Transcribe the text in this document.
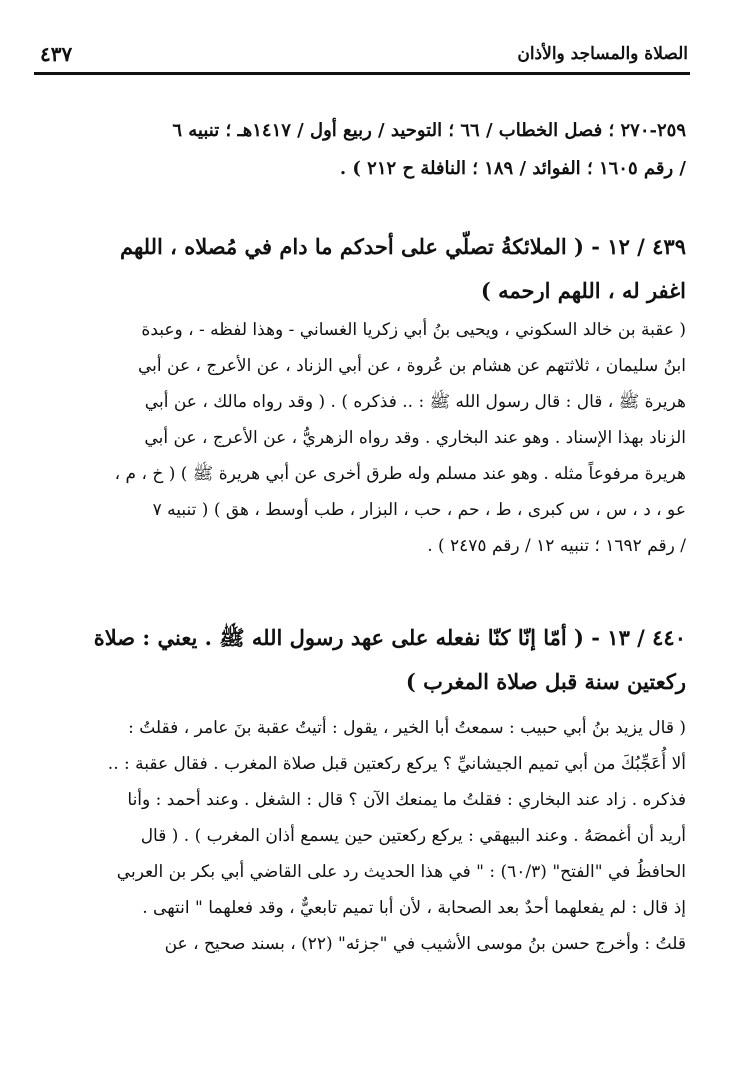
الصلاة والمساجد والأذان
٤٣٧
٢٥٩-٢٧٠ ؛ فصل الخطاب / ٦٦ ؛ التوحيد / ربيع أول / ١٤١٧هـ ؛ تنبيه ٦
/ رقم ١٦٠٥ ؛ الفوائد / ١٨٩ ؛ النافلة ح ٢١٢ ) .
٤٣٩ / ١٢ - ( الملائكةُ تصلّي على أحدكم ما دام في مُصلاه ، اللهم
اغفر له ، اللهم ارحمه )
( عقبة بن خالد السكوني ، ويحيى بنُ أبي زكريا الغساني - وهذا لفظه - ، وعبدة
ابنُ سليمان ، ثلاثتهم عن هشام بن عُروة ، عن أبي الزناد ، عن الأعرج ، عن أبي
هريرة ﷺ ، قال : قال رسول الله ﷺ : .. فذكره ) . ( وقد رواه مالك ، عن أبي
الزناد بهذا الإسناد . وهو عند البخاري . وقد رواه الزهريُّ ، عن الأعرج ، عن أبي
هريرة مرفوعاً مثله . وهو عند مسلم وله طرق أخرى عن أبي هريرة ﷺ ) ( خ ، م ،
عو ، د ، س ، س كبرى ، ط ، حم ، حب ، البزار ، طب أوسط ، هق ) ( تنبيه ٧
/ رقم ١٦٩٢ ؛ تنبيه ١٢ / رقم ٢٤٧٥ ) .
٤٤٠ / ١٣ - ( أمّا إنّا كنّا نفعله على عهد رسول الله ﷺ . يعني : صلاة
ركعتين سنة قبل صلاة المغرب )
( قال يزيد بنُ أبي حبيب : سمعتُ أبا الخير ، يقول : أتيتُ عقبة بنَ عامر ، فقلتُ :
ألا أُعَجِّبُكَ من أبي تميم الجيشانيِّ ؟ يركع ركعتين قبل صلاة المغرب . فقال عقبة : ..
فذكره . زاد عند البخاري : فقلتُ ما يمنعك الآن ؟ قال : الشغل . وعند أحمد : وأنا
أريد أن أغمصَهُ . وعند البيهقي : يركع ركعتين حين يسمع أذان المغرب ) . ( قال
الحافظُ في "الفتح" (٦٠/٣) : " في هذا الحديث رد على القاضي أبي بكر بن العربي
إذ قال : لم يفعلهما أحدٌ بعد الصحابة ، لأن أبا تميم تابعيٌّ ، وقد فعلهما " انتهى .
قلتُ : وأخرج حسن بنُ موسى الأشيب في "جزئه" (٢٢) ، بسند صحيح ، عن
